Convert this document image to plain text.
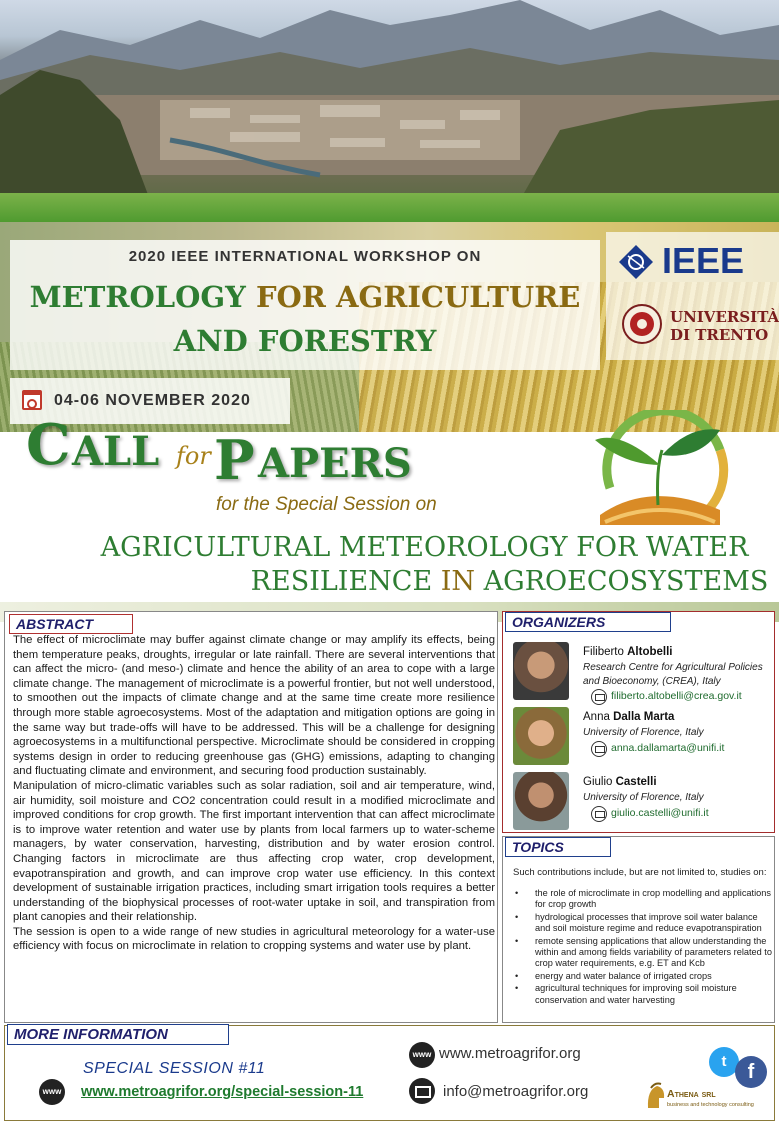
2020 IEEE INTERNATIONAL WORKSHOP ON
METROLOGY FOR AGRICULTURE
AND FORESTRY
04-06 NOVEMBER 2020
IEEE
UNIVERSITÀ
DI TRENTO
C ALL for P APERS
for the Special Session on
AGRICULTURAL METEOROLOGY FOR WATER
RESILIENCE IN AGROECOSYSTEMS
ABSTRACT

The effect of microclimate may buffer against climate change or may amplify its effects, being them temperature peaks, droughts, irregular or late rainfall. There are several interventions that can affect the micro- (and meso-) climate and hence the ability of an area to cope with a large climate change. The management of microclimate is a powerful frontier, but not well understood, to smoothen out the impacts of climate change and at the same time create more resilience through more stable agroecosystems. Most of the adaptation and mitigation options are going in the same way but trade-offs will have to be addressed. This will be a challenge for designing agroecosystems in a multifunctional perspective. Microclimate should be considered in cropping systems design in order to reducing greenhouse gas (GHG) emissions, adapting to changing and fluctuating climate and environment, and securing food production sustainably.

Manipulation of micro-climatic variables such as solar radiation, soil and air temperature, wind, air humidity, soil moisture and CO2 concentration could result in a modified microclimate and improved conditions for crop growth. The first important intervention that can affect microclimate is to improve water retention and water use by plants from local farmers up to water-scheme managers, by water conservation, harvesting, distribution and by water erosion control. Changing factors in microclimate are thus affecting crop water, crop development, evapotranspiration and growth, and can improve crop water use efficiency. In this context development of sustainable irrigation practices, including smart irrigation tools requires a better understanding of the biophysical processes of root-water uptake in soil, and transpiration from plant canopies and their relationship.

The session is open to a wide range of new studies in agricultural meteorology for a water-use efficiency with focus on microclimate in relation to cropping systems and water use by plant.

ORGANIZERS
Filiberto Altobelli
Research Centre for Agricultural Policies and Bioeconomy, (CREA), Italy
filiberto.altobelli@crea.gov.it
Anna Dalla Marta
University of Florence, Italy
anna.dallamarta@unifi.it
Giulio Castelli
University of Florence, Italy
giulio.castelli@unifi.it
TOPICS
Such contributions include, but are not limited to, studies on:
• the role of microclimate in crop modelling and applications for crop growth
• hydrological processes that improve soil water balance and soil moisture regime and reduce evapotranspiration
• remote sensing applications that allow understanding the within and among fields variability of parameters related to crop water requirements, e.g. ET and Kcb
• energy and water balance of irrigated crops
• agricultural techniques for improving soil moisture conservation and water harvesting
MORE INFORMATION
SPECIAL SESSION #11
www www.metroagrifor.org/special-session-11
www www.metroagrifor.org
info@metroagrifor.org
t	f
Athena srl
business and technology consulting
